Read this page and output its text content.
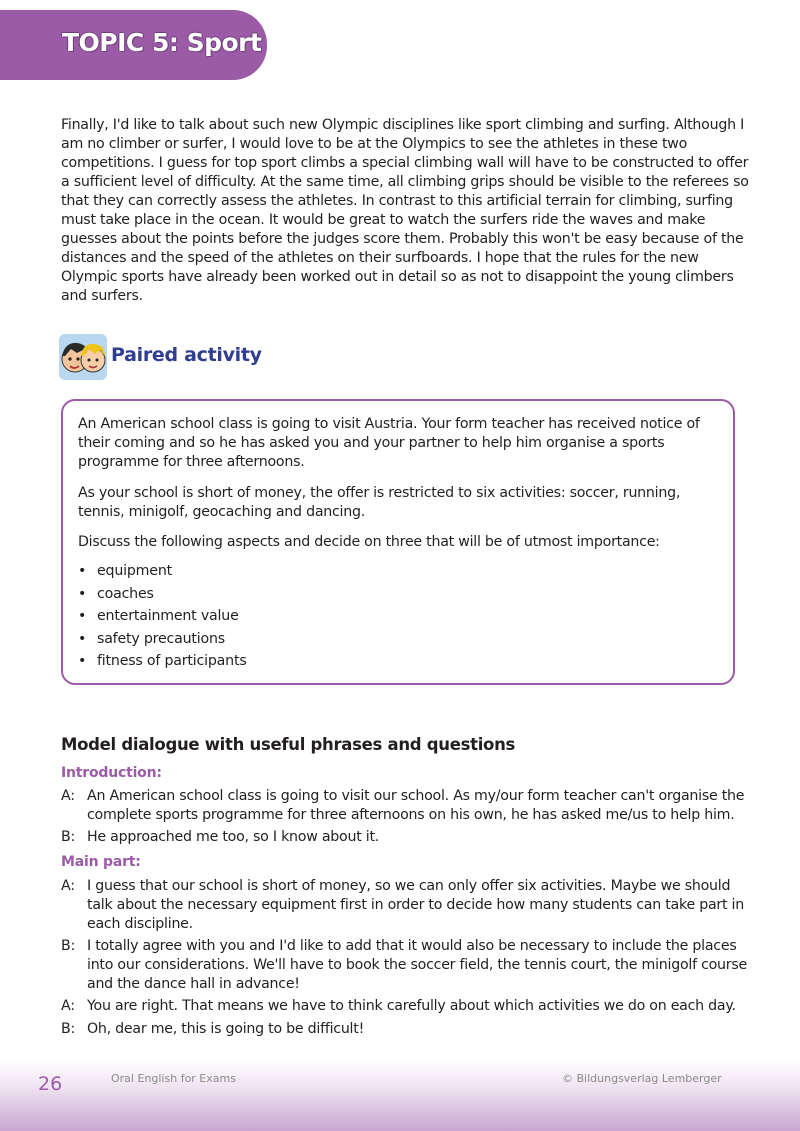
TOPIC 5: Sport

Finally, I'd like to talk about such new Olympic disciplines like sport climbing and surfing. Although I am no climber or surfer, I would love to be at the Olympics to see the athletes in these two competitions. I guess for top sport climbs a special climbing wall will have to be constructed to offer a sufficient level of difficulty. At the same time, all climbing grips should be visible to the referees so that they can correctly assess the athletes. In contrast to this artificial terrain for climbing, surfing must take place in the ocean. It would be great to watch the surfers ride the waves and make guesses about the points before the judges score them. Probably this won't be easy because of the distances and the speed of the athletes on their surfboards. I hope that the rules for the new Olympic sports have already been worked out in detail so as not to disappoint the young climbers and surfers.

Paired activity

An American school class is going to visit Austria. Your form teacher has received notice of their coming and so he has asked you and your partner to help him organise a sports programme for three afternoons.

As your school is short of money, the offer is restricted to six activities: soccer, running, tennis, minigolf, geocaching and dancing.

Discuss the following aspects and decide on three that will be of utmost importance:

• equipment
• coaches
• entertainment value
• safety precautions
• fitness of participants
Model dialogue with useful phrases and questions

Introduction:

A: An American school class is going to visit our school. As my/our form teacher can't organise the complete sports programme for three afternoons on his own, he has asked me/us to help him.
B: He approached me too, so I know about it.

Main part:

A: I guess that our school is short of money, so we can only offer six activities. Maybe we should talk about the necessary equipment first in order to decide how many students can take part in each discipline.
B: I totally agree with you and I'd like to add that it would also be necessary to include the places into our considerations. We'll have to book the soccer field, the tennis court, the minigolf course and the dance hall in advance!
A: You are right. That means we have to think carefully about which activities we do on each day.
B: Oh, dear me, this is going to be difficult!
26	Oral English for Exams	© Bildungsverlag Lemberger
